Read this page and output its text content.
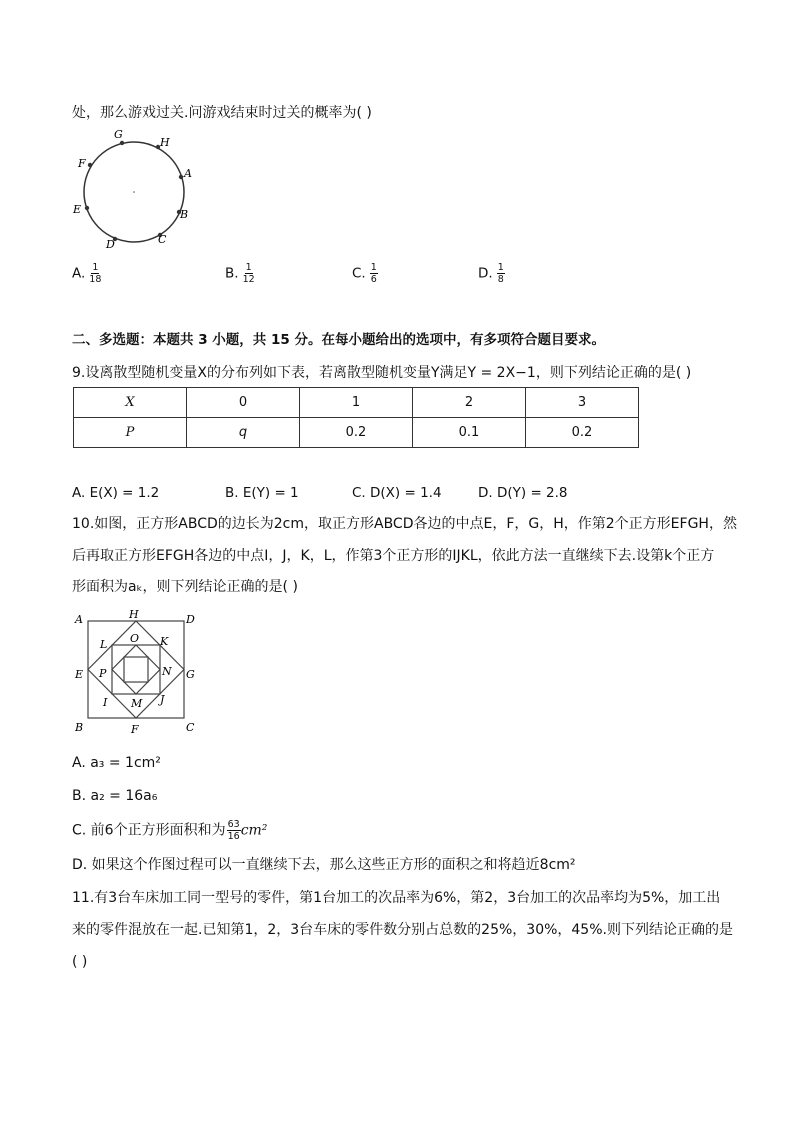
处，那么游戏过关.问游戏结束时过关的概率为( )
G
H
A
B
C
D
E
F
A. $\frac{1}{18}$	B. $\frac{1}{12}$	C. $\frac{1}{6}$	D. $\frac{1}{8}$
二、多选题：本题共 3 小题，共 15 分。在每小题给出的选项中，有多项符合题目要求。
9.设离散型随机变量X的分布列如下表，若离散型随机变量Y满足Y = 2X−1，则下列结论正确的是( )
X	0	1	2	3
P	q	0.2	0.1	0.2
A. E(X) = 1.2	B. E(Y) = 1	C. D(X) = 1.4	D. D(Y) = 2.8
10.如图，正方形ABCD的边长为2cm，取正方形ABCD各边的中点E，F，G，H，作第2个正方形EFGH，然
后再取正方形EFGH各边的中点I，J，K，L，作第3个正方形的IJKL，依此方法一直继续下去.设第k个正方
形面积为aₖ，则下列结论正确的是( )
A	H	D
L O K
E P	N G
I M J
B	F	C
A. a₃ = 1cm²
B. a₂ = 16a₆
C. 前6个正方形面积和为 $\frac{63}{16} cm^2$
D. 如果这个作图过程可以一直继续下去，那么这些正方形的面积之和将趋近8cm²
11.有3台车床加工同一型号的零件，第1台加工的次品率为6%，第2，3台加工的次品率均为5%，加工出
来的零件混放在一起.已知第1，2，3台车床的零件数分别占总数的25%，30%，45%.则下列结论正确的是
( )
